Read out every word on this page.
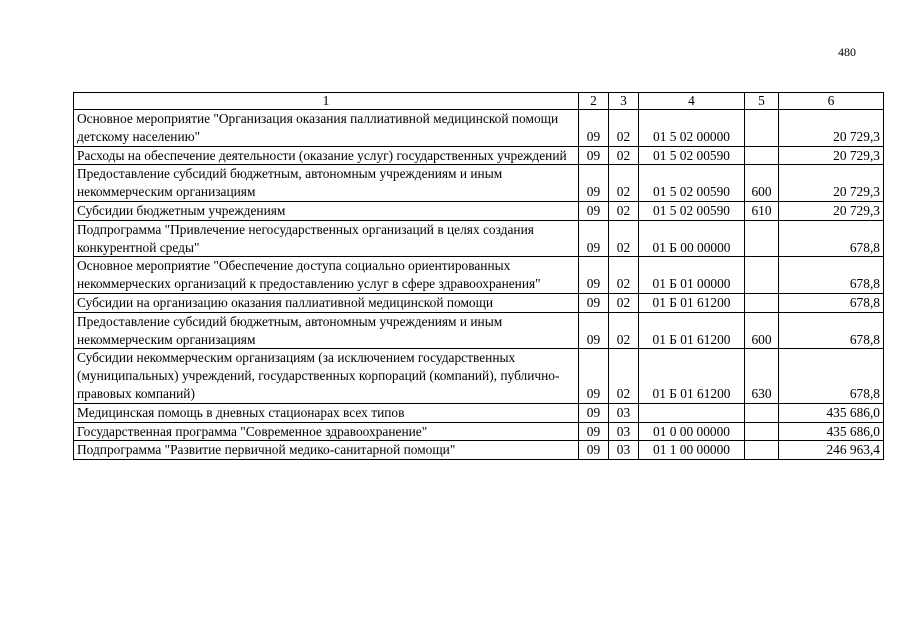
480
1	2	3	4	5	6
Основное мероприятие "Организация оказания паллиативной медицинской помощи детскому населению"	09	02	01 5 02 00000		20 729,3
Расходы на обеспечение деятельности (оказание услуг) государственных учреждений	09	02	01 5 02 00590		20 729,3
Предоставление субсидий бюджетным, автономным учреждениям и иным некоммерческим организациям	09	02	01 5 02 00590	600	20 729,3
Субсидии бюджетным учреждениям	09	02	01 5 02 00590	610	20 729,3
Подпрограмма "Привлечение негосударственных организаций в целях создания конкурентной среды"	09	02	01 Б 00 00000		678,8
Основное мероприятие "Обеспечение доступа социально ориентированных некоммерческих организаций к предоставлению услуг в сфере здравоохранения"	09	02	01 Б 01 00000		678,8
Субсидии на организацию оказания паллиативной медицинской помощи	09	02	01 Б 01 61200		678,8
Предоставление субсидий бюджетным, автономным учреждениям и иным некоммерческим организациям	09	02	01 Б 01 61200	600	678,8
Субсидии некоммерческим организациям (за исключением государственных (муниципальных) учреждений, государственных корпораций (компаний), публично-правовых компаний)	09	02	01 Б 01 61200	630	678,8
Медицинская помощь в дневных стационарах всех типов	09	03			435 686,0
Государственная программа "Современное здравоохранение"	09	03	01 0 00 00000		435 686,0
Подпрограмма "Развитие первичной медико-санитарной помощи"	09	03	01 1 00 00000		246 963,4
